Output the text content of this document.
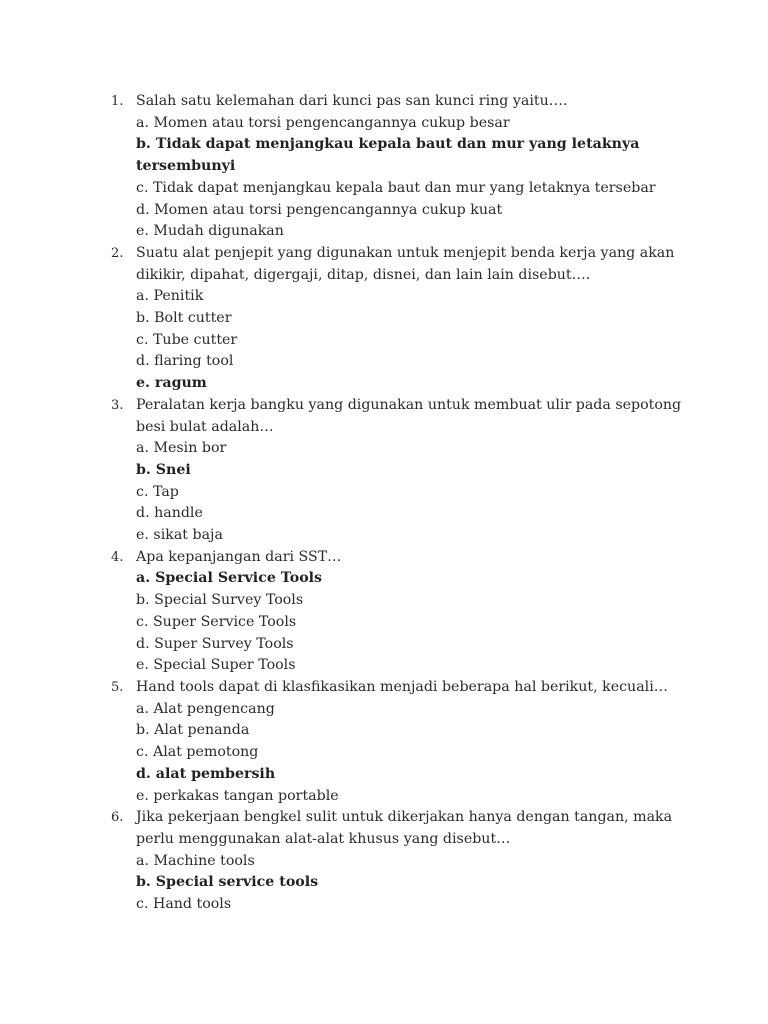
1. Salah satu kelemahan dari kunci pas san kunci ring yaitu….
a. Momen atau torsi pengencangannya cukup besar
b. Tidak dapat menjangkau kepala baut dan mur yang letaknya tersembunyi
c. Tidak dapat menjangkau kepala baut dan mur yang letaknya tersebar
d. Momen atau torsi pengencangannya cukup kuat
e. Mudah digunakan
2. Suatu alat penjepit yang digunakan untuk menjepit benda kerja yang akan dikikir, dipahat, digergaji, ditap, disnei, dan lain lain disebut….
a. Penitik
b. Bolt cutter
c. Tube cutter
d. flaring tool
e. ragum
3. Peralatan kerja bangku yang digunakan untuk membuat ulir pada sepotong besi bulat adalah…
a. Mesin bor
b. Snei
c. Tap
d. handle
e. sikat baja
4. Apa kepanjangan dari SST…
a. Special Service Tools
b. Special Survey Tools
c. Super Service Tools
d. Super Survey Tools
e. Special Super Tools
5. Hand tools dapat di klasfikasikan menjadi beberapa hal berikut, kecuali…
a. Alat pengencang
b. Alat penanda
c. Alat pemotong
d. alat pembersih
e. perkakas tangan portable
6. Jika pekerjaan bengkel sulit untuk dikerjakan hanya dengan tangan, maka perlu menggunakan alat-alat khusus yang disebut…
a. Machine tools
b. Special service tools
c. Hand tools
